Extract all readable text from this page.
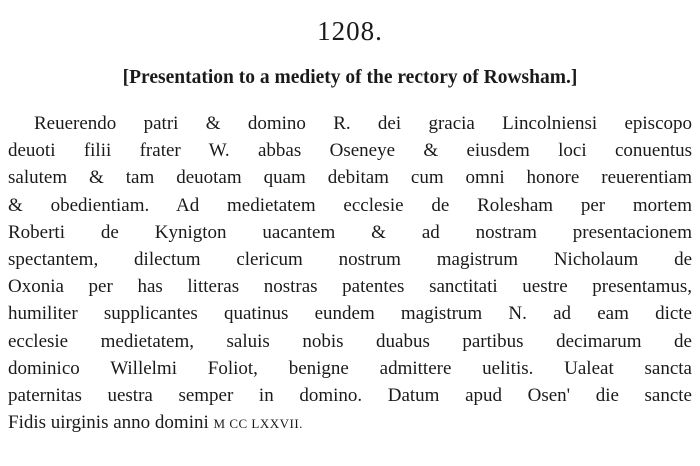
1208.
[Presentation to a mediety of the rectory of Rowsham.]
Reuerendo patri & domino R. dei gracia Lincolniensi episcopo
deuoti filii frater W. abbas Oseneye & eiusdem loci conuentus
salutem & tam deuotam quam debitam cum omni honore reuerentiam
& obedientiam. Ad medietatem ecclesie de Rolesham per mortem
Roberti de Kynigton uacantem & ad nostram presentacionem
spectantem, dilectum clericum nostrum magistrum Nicholaum de
Oxonia per has litteras nostras patentes sanctitati uestre presentamus,
humiliter supplicantes quatinus eundem magistrum N. ad eam dicte
ecclesie medietatem, saluis nobis duabus partibus decimarum de
dominico Willelmi Foliot, benigne admittere uelitis. Ualeat sancta
paternitas uestra semper in domino. Datum apud Osen' die sancte
Fidis uirginis anno domini M CC LXXVII.
